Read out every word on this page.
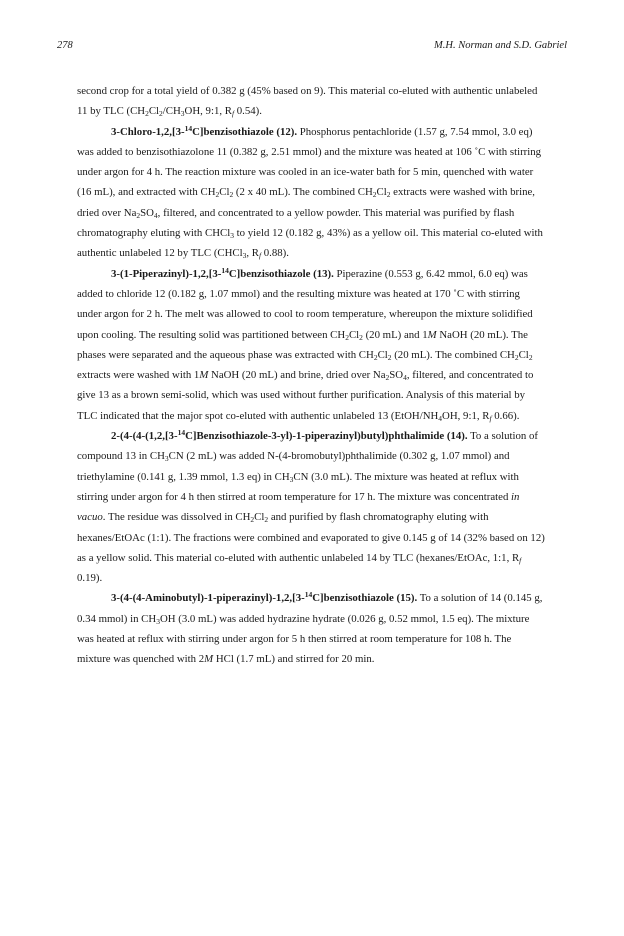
278	M.H. Norman and S.D. Gabriel

second crop for a total yield of 0.382 g (45% based on 9). This material co-eluted with authentic unlabeled 11 by TLC ($CH_2Cl_2/CH_3OH$, 9:1, $R_f$ 0.54).

3-Chloro-1,2,[3-$^{14}$C]benzisothiazole (12). Phosphorus pentachloride (1.57 g, 7.54 mmol, 3.0 eq) was added to benzisothiazolone 11 (0.382 g, 2.51 mmol) and the mixture was heated at 106 ˚C with stirring under argon for 4 h. The reaction mixture was cooled in an ice-water bath for 5 min, quenched with water (16 mL), and extracted with $CH_2Cl_2$ (2 x 40 mL). The combined $CH_2Cl_2$ extracts were washed with brine, dried over $Na_2SO_4$, filtered, and concentrated to a yellow powder. This material was purified by flash chromatography eluting with CHCl$_3$ to yield 12 (0.182 g, 43%) as a yellow oil. This material co-eluted with authentic unlabeled 12 by TLC (CHCl$_3$, $R_f$ 0.88).

3-(1-Piperazinyl)-1,2,[3-$^{14}$C]benzisothiazole (13). Piperazine (0.553 g, 6.42 mmol, 6.0 eq) was added to chloride 12 (0.182 g, 1.07 mmol) and the resulting mixture was heated at 170 ˚C with stirring under argon for 2 h. The melt was allowed to cool to room temperature, whereupon the mixture solidified upon cooling. The resulting solid was partitioned between $CH_2Cl_2$ (20 mL) and 1M NaOH (20 mL). The phases were separated and the aqueous phase was extracted with $CH_2Cl_2$ (20 mL). The combined $CH_2Cl_2$ extracts were washed with 1M NaOH (20 mL) and brine, dried over $Na_2SO_4$, filtered, and concentrated to give 13 as a brown semi-solid, which was used without further purification. Analysis of this material by TLC indicated that the major spot co-eluted with authentic unlabeled 13 ($EtOH/NH_4OH$, 9:1, $R_f$ 0.66).

2-(4-(4-(1,2,[3-$^{14}$C]Benzisothiazole-3-yl)-1-piperazinyl)butyl)phthalimide (14). To a solution of compound 13 in $CH_3CN$ (2 mL) was added N-(4-bromobutyl)phthalimide (0.302 g, 1.07 mmol) and triethylamine (0.141 g, 1.39 mmol, 1.3 eq) in $CH_3CN$ (3.0 mL). The mixture was heated at reflux with stirring under argon for 4 h then stirred at room temperature for 17 h. The mixture was concentrated in vacuo. The residue was dissolved in $CH_2Cl_2$ and purified by flash chromatography eluting with hexanes/EtOAc (1:1). The fractions were combined and evaporated to give 0.145 g of 14 (32% based on 12) as a yellow solid. This material co-eluted with authentic unlabeled 14 by TLC (hexanes/EtOAc, 1:1, $R_f$ 0.19).

3-(4-(4-Aminobutyl)-1-piperazinyl)-1,2,[3-$^{14}$C]benzisothiazole (15). To a solution of 14 (0.145 g, 0.34 mmol) in $CH_3OH$ (3.0 mL) was added hydrazine hydrate (0.026 g, 0.52 mmol, 1.5 eq). The mixture was heated at reflux with stirring under argon for 5 h then stirred at room temperature for 108 h. The mixture was quenched with 2M HCl (1.7 mL) and stirred for 20 min.
